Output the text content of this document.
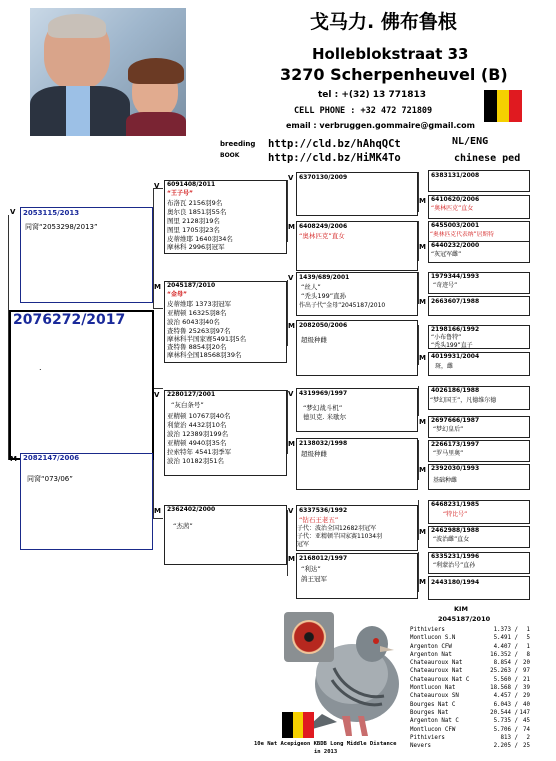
戈马力. 佛布鲁根
Holleblokstraat 33
3270 Scherpenheuvel (B)
tel : +(32) 13 771813
CELL PHONE : +32 472 721809
email : verbruggen.gommaire@gmail.com
breeding
BOOK
http://cld.bz/hAhqQCt
http://cld.bz/HiMK4To
NL/ENG
chinese ped
V 2053115/2013
同窝“2053298/2013”
2076272/2017
.
M 2082147/2006
同窝“073/06”
V 6091408/2011
“王子号”
布洛瓦 2156羽9名
奥尔良 1851羽55名
图里 2128羽19名
图里 1705羽23名
皮蒂维耶 1640羽34名
摩林科 2996羽冠军
M 2045187/2010
“金母”
皮蒂维耶 1373羽冠军
亚精顿 16325羽8名
波治 6043羽40名
查特鲁 25263羽97名
摩林科半国家赛5491羽5名
查特鲁 8854羽20名
摩林科全国18568羽39名
V 2280127/2001
“灰白条号”
亚精顿 10767羽40名
利蒙治 4432羽10名
波治 12389羽199名
亚精顿 4940羽35名
拉索特年 4541羽季军
波治 10182羽51名
M 2362402/2000
“杰茜”
V 6370130/2009
M 6408249/2006
“奥林匹克”直女
V 1439/689/2001
“丝人”
“秃头199”直孙
作出子代“金母”2045187/2010
M 2082050/2006
超级种雌
V 4319969/1997
“梦幻战斗机”
德贝克. 米歇尔
M 2138032/1998
超级种雌
V 6337536/1992
“钻石王老五”
子代：波治全国12682羽冠军
子代：亚精顿半国家赛11034羽
冠军
M 2168012/1997
“利达”
鸽王冠军
6383131/2008
M 6410620/2006
“奥林匹克”直女
6455003/2001
“奥林匹克代表纳”居斯特
M 6440232/2000
“灰冠军雌”
1979344/1993
“奇迹号”
M 2663607/1988
2198166/1992
“小布鲁特”
“秃头199”直子
M 4019931/2004
斑，雌
4026186/1988
“梦幻国王”，凡德维尔德
M 2697666/1987
“梦幻皇后”
2266173/1997
“罗马里奥”
M 2392030/1993
基础种雌
6468231/1985
“特比号”
M 2462988/1988
“波治雌”直女
6335231/1996
“利蒙治号”直孙
M 2443180/1994
10e Nat Acepigeon KBDB Long Middle Distance
in 2013
KIM
2045187/2010
Pithiviers	1.373 /	1
Montlucon S.N	5.491 /	5
Argenton CFW	4.407 /	1
Argenton Nat	16.352 /	8
Chateauroux Nat	8.854 / 20
Chateauroux Nat	25.263 / 97
Chateauroux Nat C	5.560 / 21
Montlucon Nat	18.568 / 39
Chateauroux SN	4.457 / 29
Bourges Nat C	6.043 / 40
Bourges Nat	20.544 / 147
Argenton Nat C	5.735 / 45
Montlucon CFW	5.706 / 74
Pithiviers	813 /	2
Nevers	2.205 / 25
